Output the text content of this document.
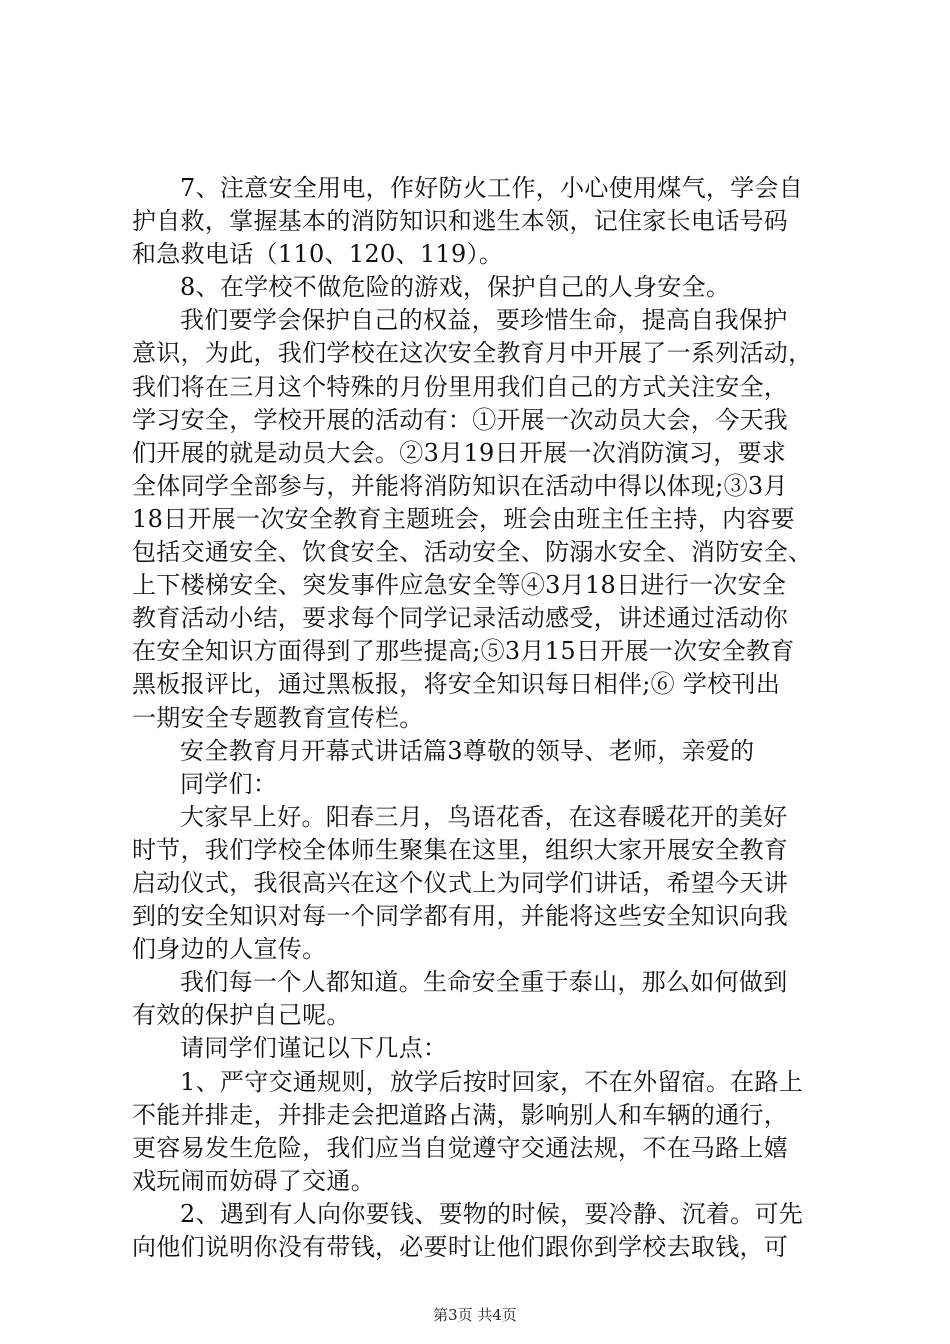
7、注意安全用电，作好防火工作，小心使用煤气，学会自
护自救，掌握基本的消防知识和逃生本领，记住家长电话号码
和急救电话（110、120、119）。
8、在学校不做危险的游戏，保护自己的人身安全。
我们要学会保护自己的权益，要珍惜生命，提高自我保护
意识，为此，我们学校在这次安全教育月中开展了一系列活动，
我们将在三月这个特殊的月份里用我们自己的方式关注安全，
学习安全，学校开展的活动有：①开展一次动员大会，今天我
们开展的就是动员大会。②3月19日开展一次消防演习，要求
全体同学全部参与，并能将消防知识在活动中得以体现;③3月
18日开展一次安全教育主题班会，班会由班主任主持，内容要
包括交通安全、饮食安全、活动安全、防溺水安全、消防安全、
上下楼梯安全、突发事件应急安全等④3月18日进行一次安全
教育活动小结，要求每个同学记录活动感受，讲述通过活动你
在安全知识方面得到了那些提高;⑤3月15日开展一次安全教育
黑板报评比，通过黑板报，将安全知识每日相伴;⑥ 学校刊出
一期安全专题教育宣传栏。
安全教育月开幕式讲话篇3尊敬的领导、老师，亲爱的
同学们：
大家早上好。阳春三月，鸟语花香，在这春暖花开的美好
时节，我们学校全体师生聚集在这里，组织大家开展安全教育
启动仪式，我很高兴在这个仪式上为同学们讲话，希望今天讲
到的安全知识对每一个同学都有用，并能将这些安全知识向我
们身边的人宣传。
我们每一个人都知道。生命安全重于泰山，那么如何做到
有效的保护自己呢。
请同学们谨记以下几点：
1、严守交通规则，放学后按时回家，不在外留宿。在路上
不能并排走，并排走会把道路占满，影响别人和车辆的通行，
更容易发生危险，我们应当自觉遵守交通法规，不在马路上嬉
戏玩闹而妨碍了交通。
2、遇到有人向你要钱、要物的时候，要冷静、沉着。可先
向他们说明你没有带钱，必要时让他们跟你到学校去取钱，可
第3页 共4页
